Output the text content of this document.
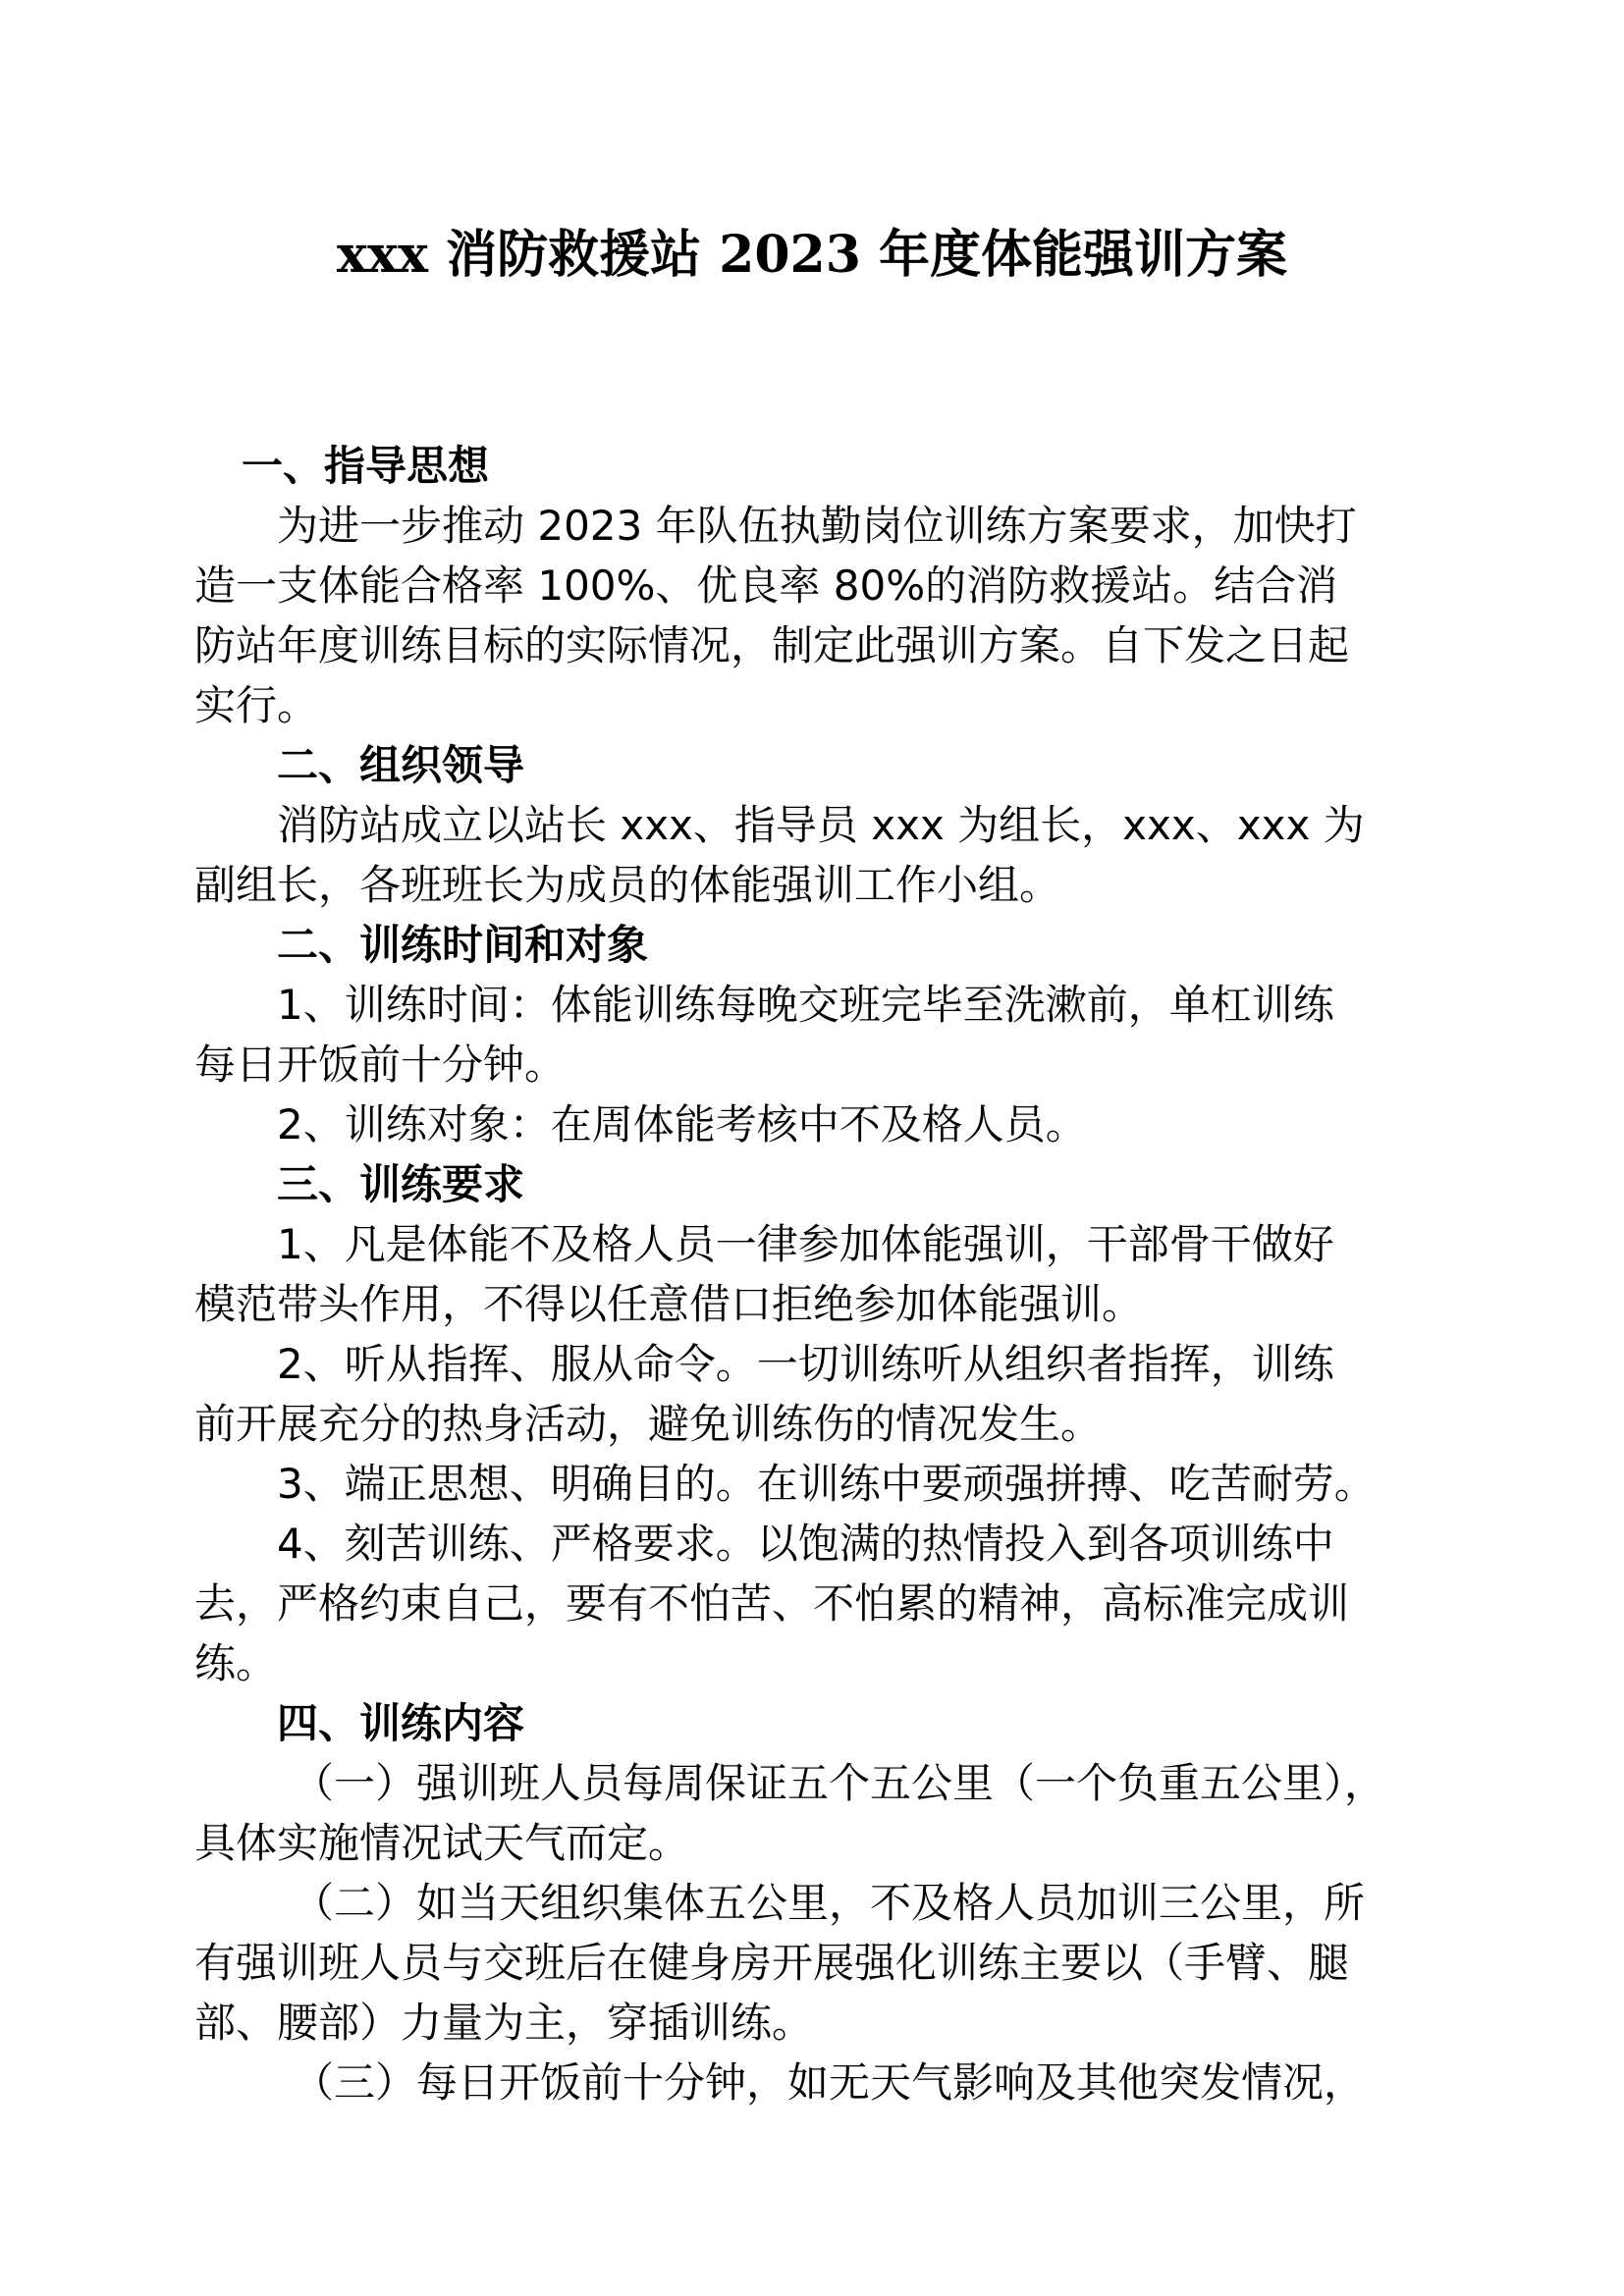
xxx 消防救援站 2023 年度体能强训方案
一、指导思想
为进一步推动 2023 年队伍执勤岗位训练方案要求，加快打
造一支体能合格率 100%、优良率 80%的消防救援站。结合消
防站年度训练目标的实际情况，制定此强训方案。自下发之日起
实行。
二、组织领导
消防站成立以站长 xxx、指导员 xxx 为组长，xxx、xxx 为
副组长，各班班长为成员的体能强训工作小组。
二、训练时间和对象
1、训练时间：体能训练每晚交班完毕至洗漱前，单杠训练
每日开饭前十分钟。
2、训练对象：在周体能考核中不及格人员。
三、训练要求
1、凡是体能不及格人员一律参加体能强训，干部骨干做好
模范带头作用，不得以任意借口拒绝参加体能强训。
2、听从指挥、服从命令。一切训练听从组织者指挥，训练
前开展充分的热身活动，避免训练伤的情况发生。
3、端正思想、明确目的。在训练中要顽强拼搏、吃苦耐劳。
4、刻苦训练、严格要求。以饱满的热情投入到各项训练中
去，严格约束自己，要有不怕苦、不怕累的精神，高标准完成训
练。
四、训练内容
（一）强训班人员每周保证五个五公里（一个负重五公里），
具体实施情况试天气而定。
（二）如当天组织集体五公里，不及格人员加训三公里，所
有强训班人员与交班后在健身房开展强化训练主要以（手臂、腿
部、腰部）力量为主，穿插训练。
（三）每日开饭前十分钟，如无天气影响及其他突发情况，
